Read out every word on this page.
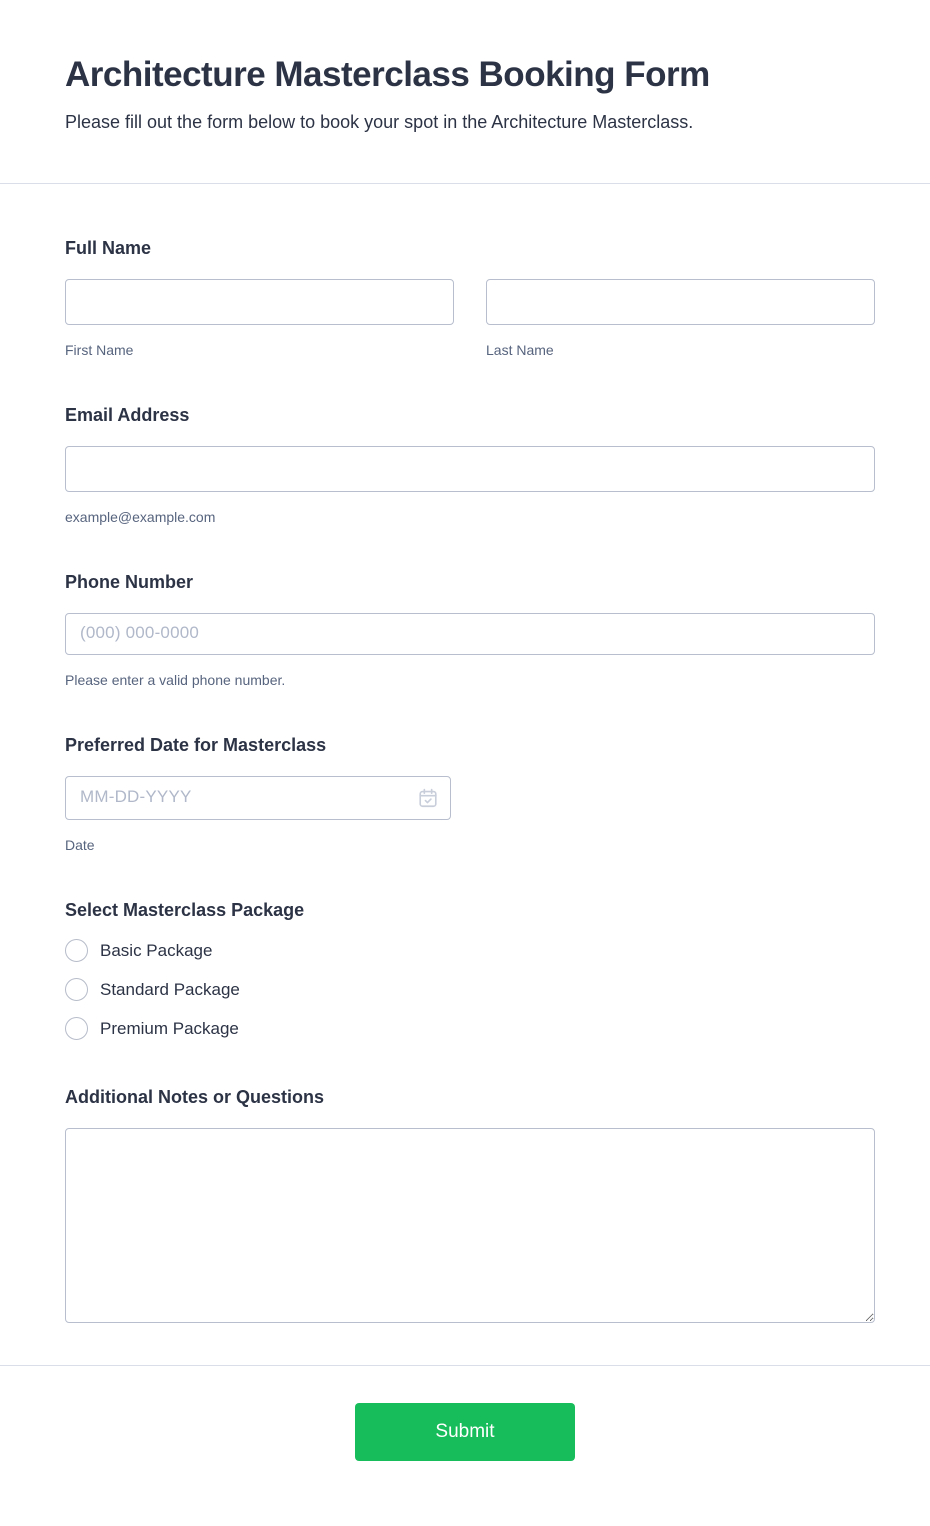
Architecture Masterclass Booking Form
Please fill out the form below to book your spot in the Architecture Masterclass.
Full Name
First Name	Last Name
Email Address
example@example.com
Phone Number
(000) 000-0000
Please enter a valid phone number.
Preferred Date for Masterclass
MM-DD-YYYY
Date
Select Masterclass Package
Basic Package
Standard Package
Premium Package
Additional Notes or Questions
Submit
